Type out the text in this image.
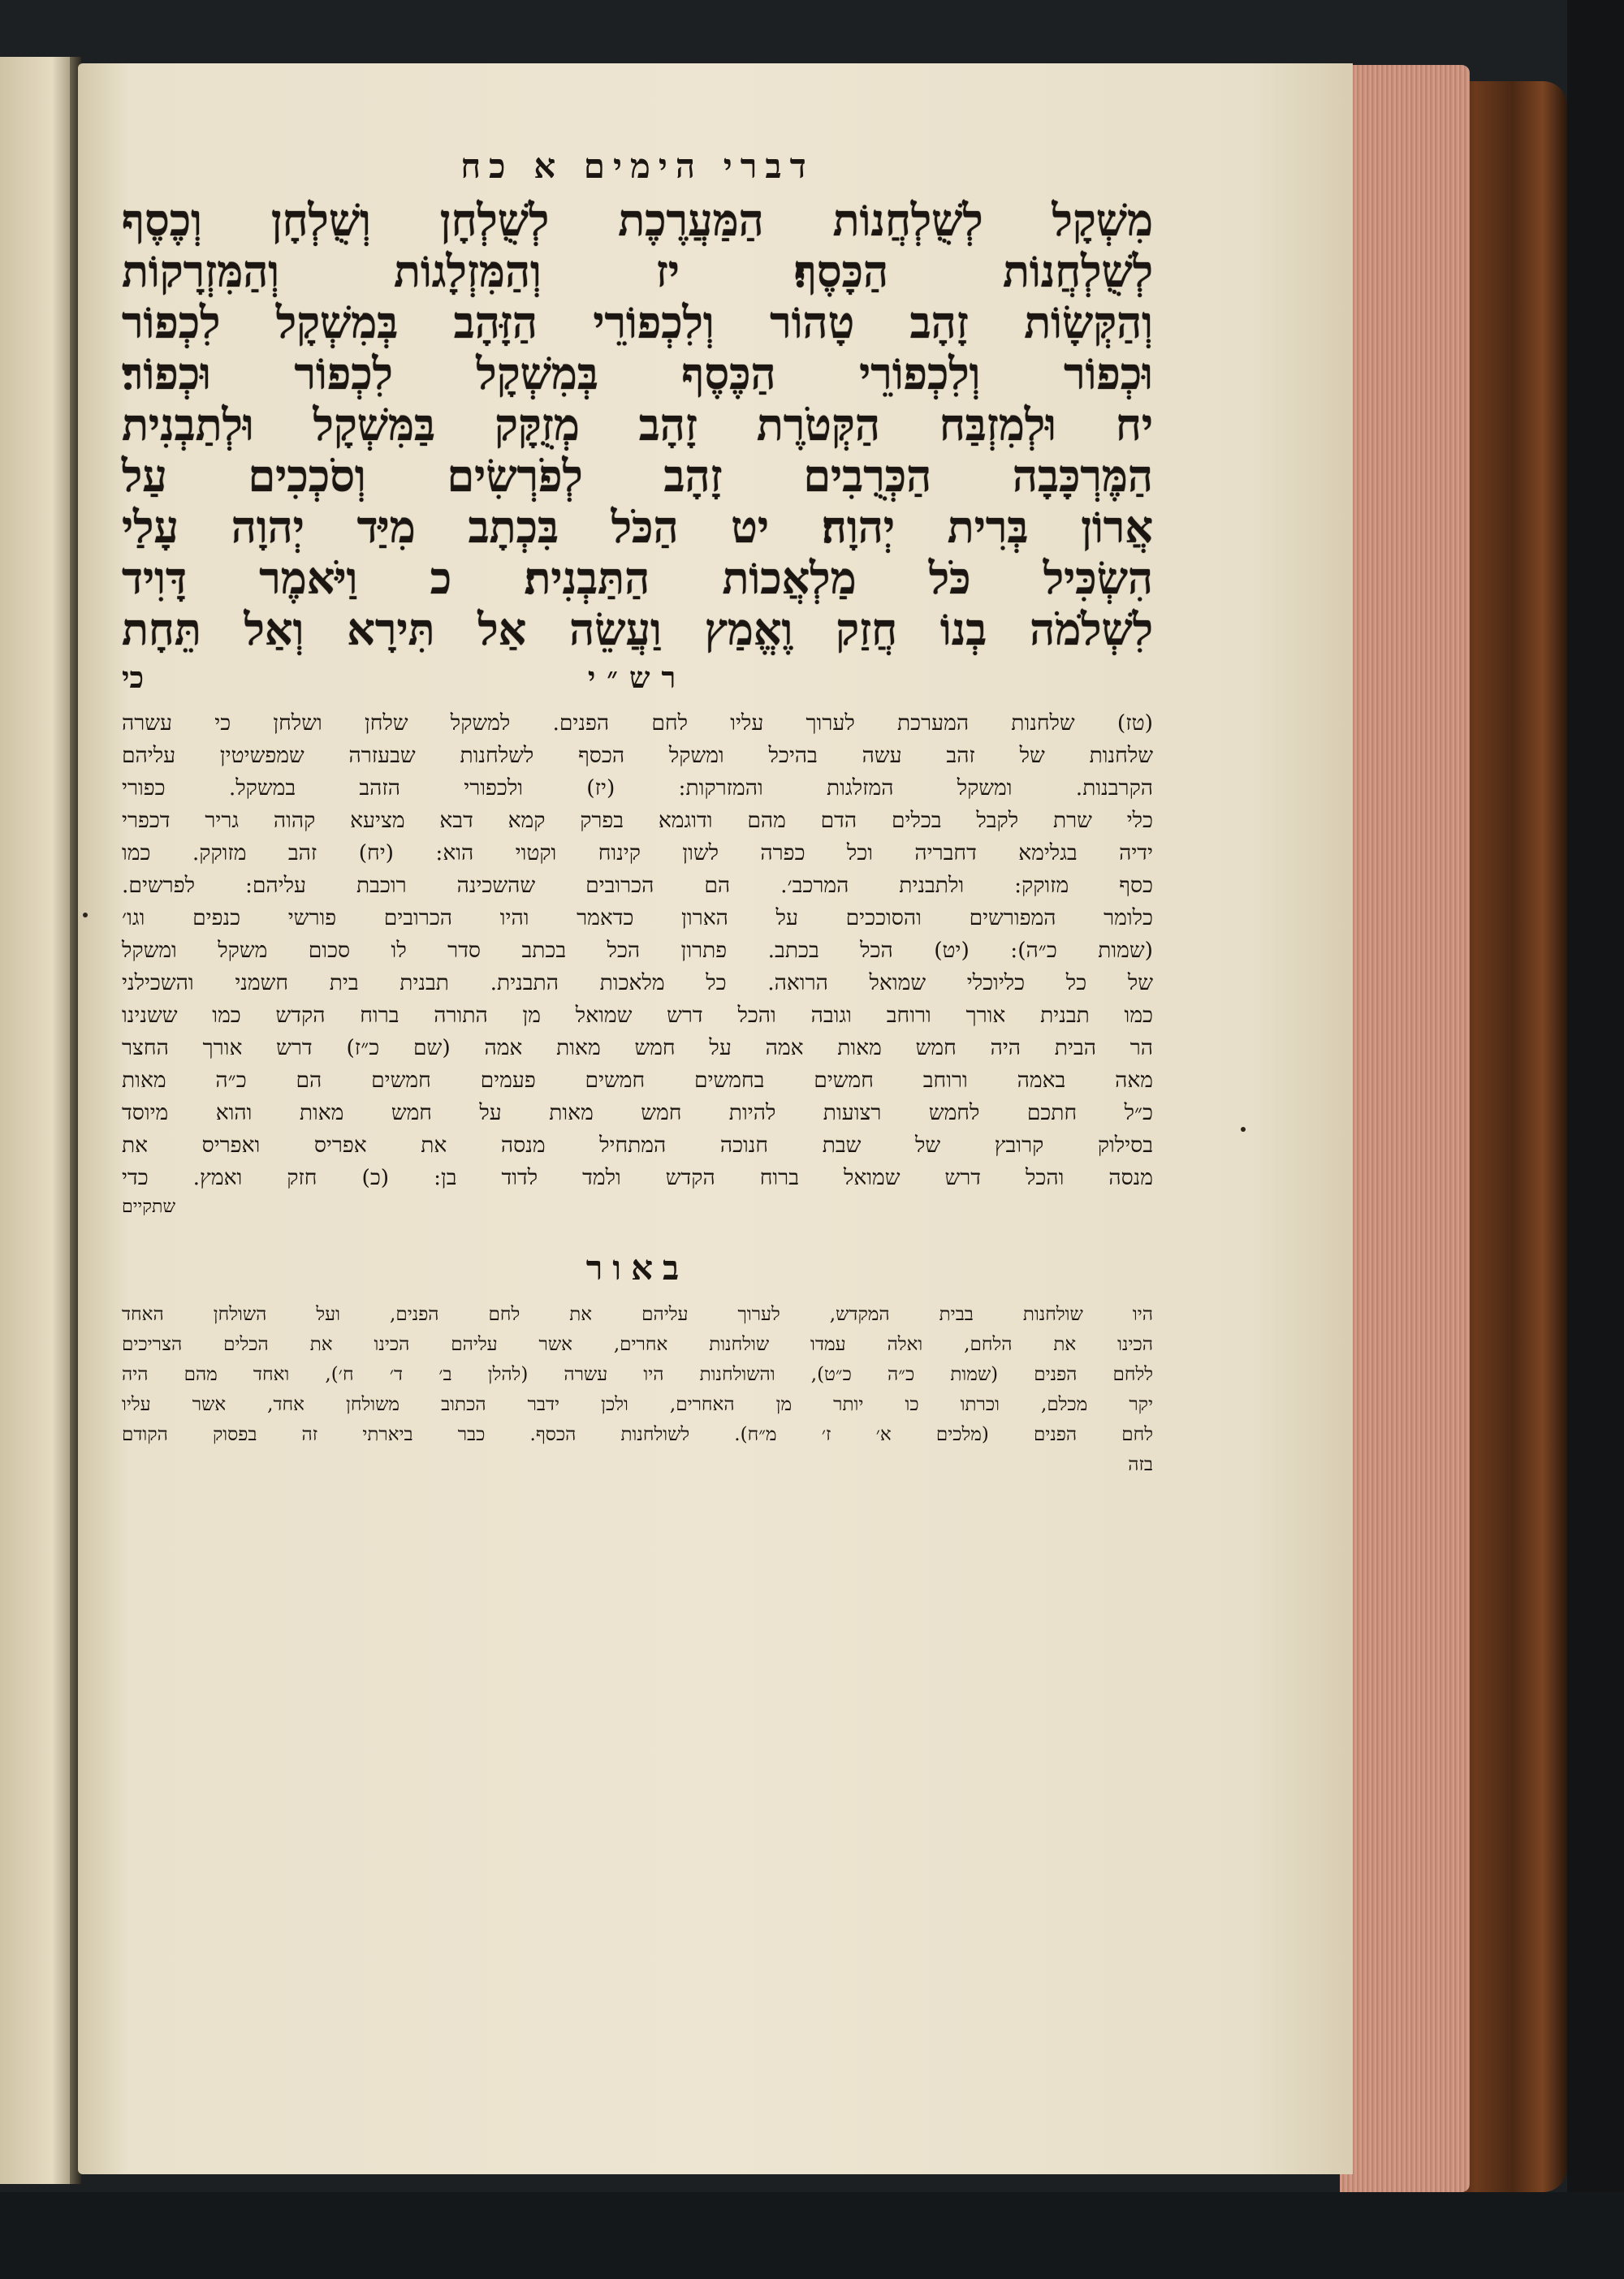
דברי הימים א כח
מִשְׁקָל לְשֻׁלְחֲנוֹת הַמַּעֲרֶכֶת לְשֻׁלְחָן וְשֻׁלְחָן וְכֶסֶף
לְשֻׁלְחֲנוֹת הַכָּסֶף׃ יז וְהַמִּזְלָגוֹת וְהַמִּזְרָקוֹת
וְהַקְּשָׂוֹת זָהָב טָהוֹר וְלִכְפוֹרֵי הַזָּהָב בְּמִשְׁקָל לִכְפוֹר
וּכְפוֹר וְלִכְפוֹרֵי הַכֶּסֶף בְּמִשְׁקָל לִכְפוֹר וּכְפוֹר׃
יח וּלְמִזְבַּח הַקְּטֹרֶת זָהָב מְזֻקָּק בַּמִּשְׁקָל וּלְתַבְנִית
הַמֶּרְכָּבָה הַכְּרֻבִים זָהָב לְפֹרְשִׂים וְסֹכְכִים עַל
אֲרוֹן בְּרִית יְהוָה׃ יט הַכֹּל בִּכְתָב מִיַּד יְהוָה עָלַי
הִשְׂכִּיל כֹּל מַלְאֲכוֹת הַתַּבְנִית׃ כ וַיֹּאמֶר דָּוִיד
לִשְׁלֹמֹה בְנוֹ חֲזַק וֶאֱמַץ וַעֲשֵׂה אַל תִּירָא וְאַל תֵּחָת
רש״י
כי
(טז) שלחנות המערכת לערוך עליו לחם הפנים. למשקל שלחן ושלחן כי עשרה
שלחנות של זהב עשה בהיכל ומשקל הכסף לשלחנות שבעזרה שמפשיטין עליהם
הקרבנות. ומשקל המזלגות והמזרקות: (יז) ולכפורי הזהב במשקל. כפורי
כלי שרת לקבל בכלים הדם מהם ודוגמא בפרק קמא דבא מציעא קהוה גריר דכפרי
ידיה בגלימא דחבריה וכל כפרה לשון קינוח וקטוי הוא: (יח) זהב מזוקק. כמו
כסף מזוקק: ולתבנית המרכב׳. הם הכרובים שהשכינה רוכבת עליהם: לפרשים.
כלומר המפורשים והסוככים על הארון כדאמר והיו הכרובים פורשי כנפים וגו׳
(שמות כ״ה): (יט) הכל בכתב. פתרון הכל בכתב סדר לו סכום משקל ומשקל
של כל כליוכלי שמואל הרואה. כל מלאכות התבנית. תבנית בית חשמני והשכילני
כמו תבנית אורך ורוחב וגובה והכל דרש שמואל מן התורה ברוח הקדש כמו ששנינו
הר הבית היה חמש מאות אמה על חמש מאות אמה (שם כ״ז) דרש אורך החצר
מאה באמה ורוחב חמשים בחמשים חמשים פעמים חמשים הם כ״ה מאות
כ״ל חתכם לחמש רצועות להיות חמש מאות על חמש מאות והוא מיוסד
בסילוק קרובץ של שבת חנוכה המתחיל מנסה את אפריס ואפריס את
מנסה והכל דרש שמואל ברוח הקדש ולמד לדוד בן: (כ) חזק ואמץ. כדי
שתקיים
באור
היו שולחנות בבית המקדש, לערוך עליהם את לחם הפנים, ועל השולחן האחד
הכינו את הלחם, ואלה עמדו שולחנות אחרים, אשר עליהם הכינו את הכלים הצריכים
ללחם הפנים (שמות כ״ה כ״ט), והשולחנות היו עשרה (להלן ב׳ ד׳ ח׳), ואחד מהם היה
יקר מכלם, וכרתו כו יותר מן האחרים, ולכן ידבר הכתוב משולחן אחד, אשר עליו
לחם הפנים (מלכים א׳ ז׳ מ״ח). לשולחנות הכסף. כבר ביארתי זה בפסוק הקודם
בזה
